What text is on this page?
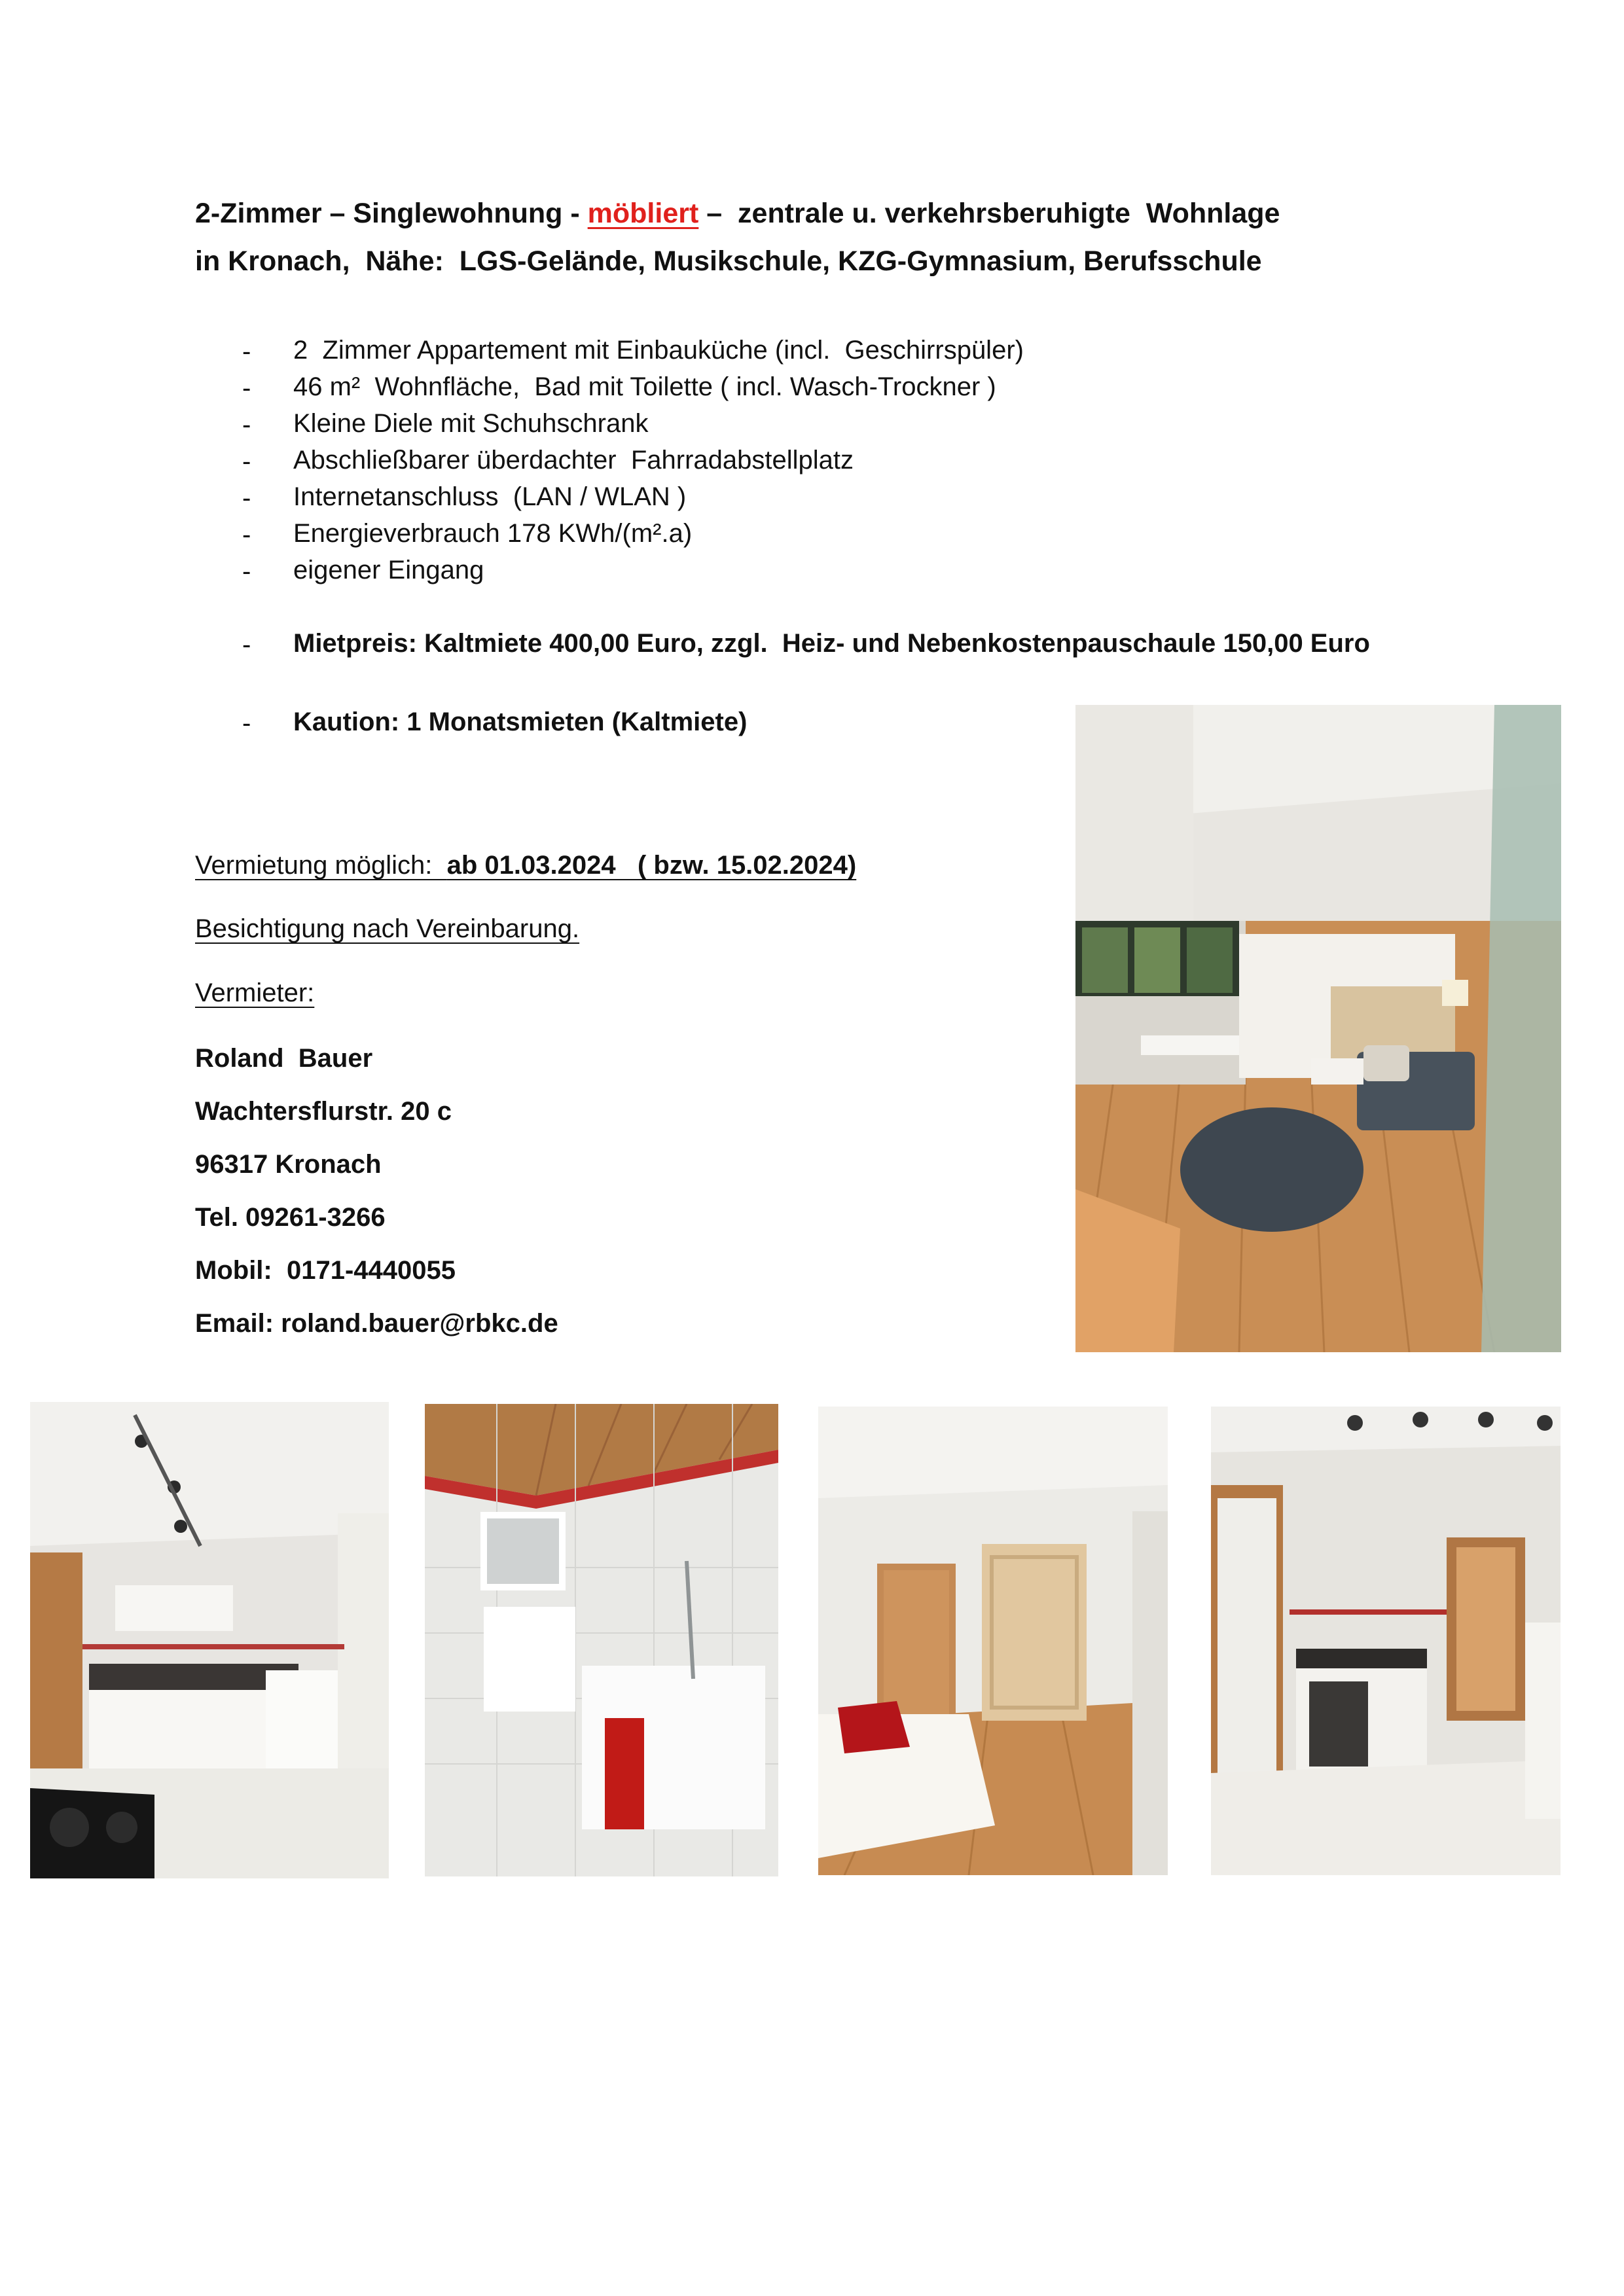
2-Zimmer – Singlewohnung - möbliert –  zentrale u. verkehrsberuhigte  Wohnlage
in Kronach,  Nähe:  LGS-Gelände, Musikschule, KZG-Gymnasium, Berufsschule
- 2  Zimmer Appartement mit Einbauküche (incl.  Geschirrspüler)
- 46 m²  Wohnfläche,  Bad mit Toilette ( incl. Wasch-Trockner )
- Kleine Diele mit Schuhschrank
- Abschließbarer überdachter  Fahrradabstellplatz
- Internetanschluss  (LAN / WLAN )
- Energieverbrauch 178 KWh/(m².a)
- eigener Eingang
- Mietpreis: Kaltmiete 400,00 Euro, zzgl.  Heiz- und Nebenkostenpauschaule 150,00 Euro
- Kaution: 1 Monatsmieten (Kaltmiete)
Vermietung möglich:  ab 01.03.2024   ( bzw. 15.02.2024)
Besichtigung nach Vereinbarung.
Vermieter:
Roland  Bauer
Wachtersflurstr. 20 c
96317 Kronach
Tel. 09261-3266
Mobil:  0171-4440055
Email: roland.bauer@rbkc.de
